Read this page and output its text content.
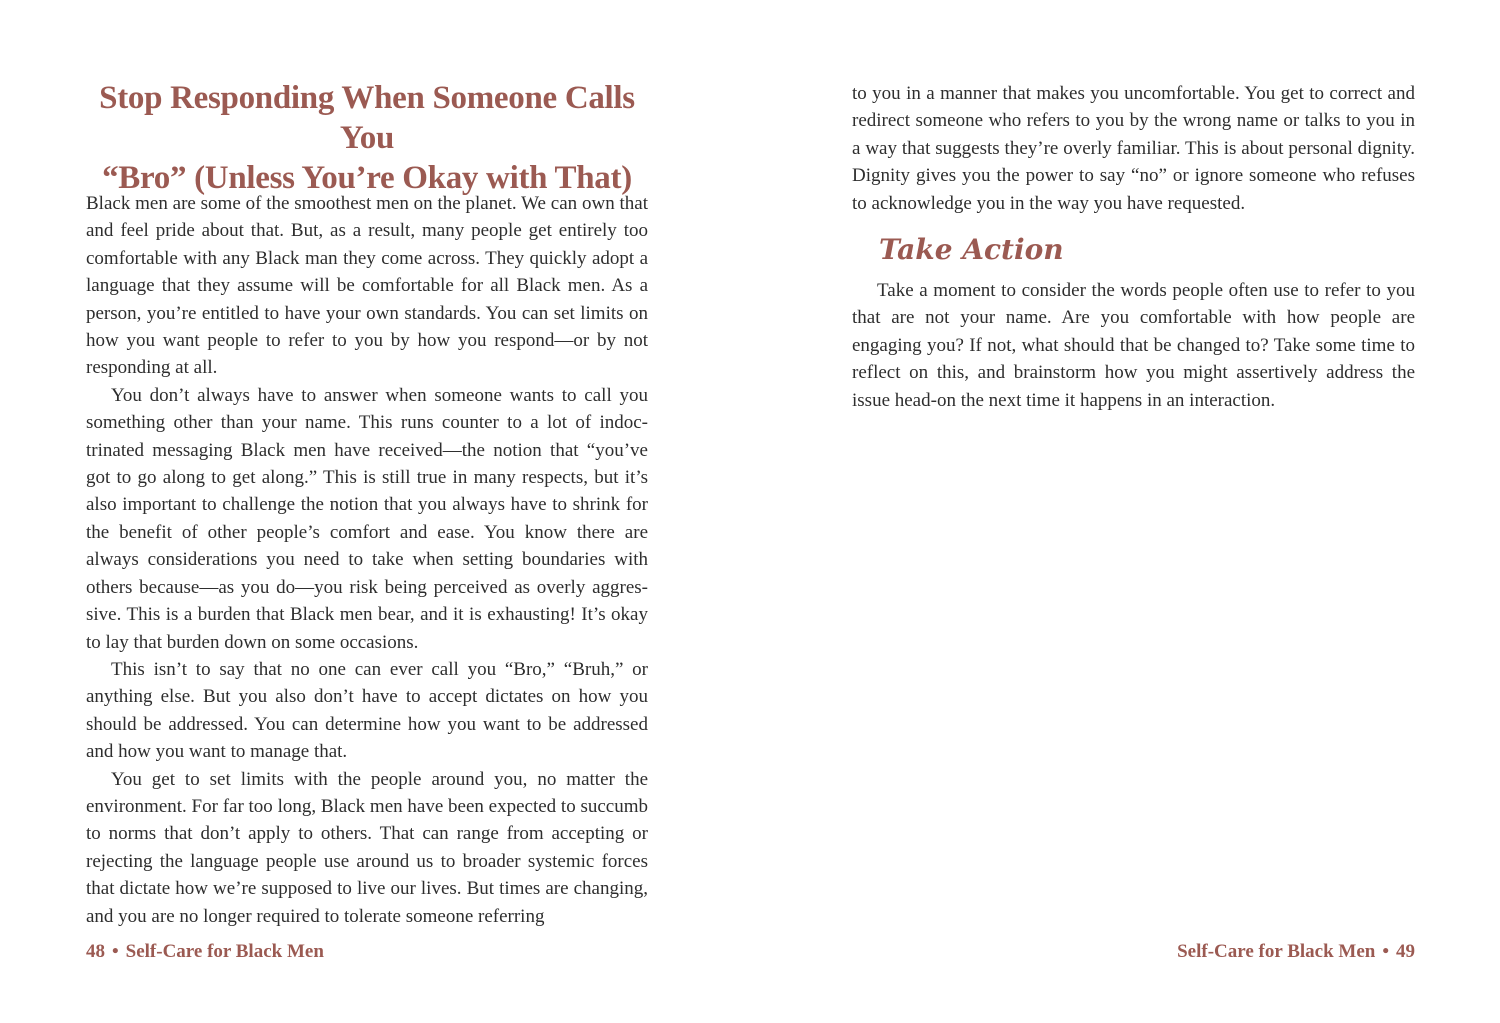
Stop Responding When Someone Calls You
“Bro” (Unless You’re Okay with That)

Black men are some of the smoothest men on the planet. We can own that and feel pride about that. But, as a result, many people get entirely too comfortable with any Black man they come across. They quickly adopt a language that they assume will be comfortable for all Black men. As a person, you’re entitled to have your own standards. You can set limits on how you want people to refer to you by how you respond—or by not responding at all.

You don’t always have to answer when someone wants to call you something other than your name. This runs counter to a lot of indoctrinated messaging Black men have received—the notion that “you’ve got to go along to get along.” This is still true in many respects, but it’s also important to challenge the notion that you always have to shrink for the benefit of other people’s comfort and ease. You know there are always considerations you need to take when setting boundaries with others because—as you do—you risk being perceived as overly aggressive. This is a burden that Black men bear, and it is exhausting! It’s okay to lay that burden down on some occasions.

This isn’t to say that no one can ever call you “Bro,” “Bruh,” or anything else. But you also don’t have to accept dictates on how you should be addressed. You can determine how you want to be addressed and how you want to manage that.

You get to set limits with the people around you, no matter the environment. For far too long, Black men have been expected to succumb to norms that don’t apply to others. That can range from accepting or rejecting the language people use around us to broader systemic forces that dictate how we’re supposed to live our lives. But times are changing, and you are no longer required to tolerate someone referring

48 • Self-Care for Black Men

to you in a manner that makes you uncomfortable. You get to correct and redirect someone who refers to you by the wrong name or talks to you in a way that suggests they’re overly familiar. This is about personal dignity. Dignity gives you the power to say “no” or ignore someone who refuses to acknowledge you in the way you have requested.

Take Action

Take a moment to consider the words people often use to refer to you that are not your name. Are you comfortable with how people are engaging you? If not, what should that be changed to? Take some time to reflect on this, and brainstorm how you might assertively address the issue head-on the next time it happens in an interaction.

Self-Care for Black Men • 49
